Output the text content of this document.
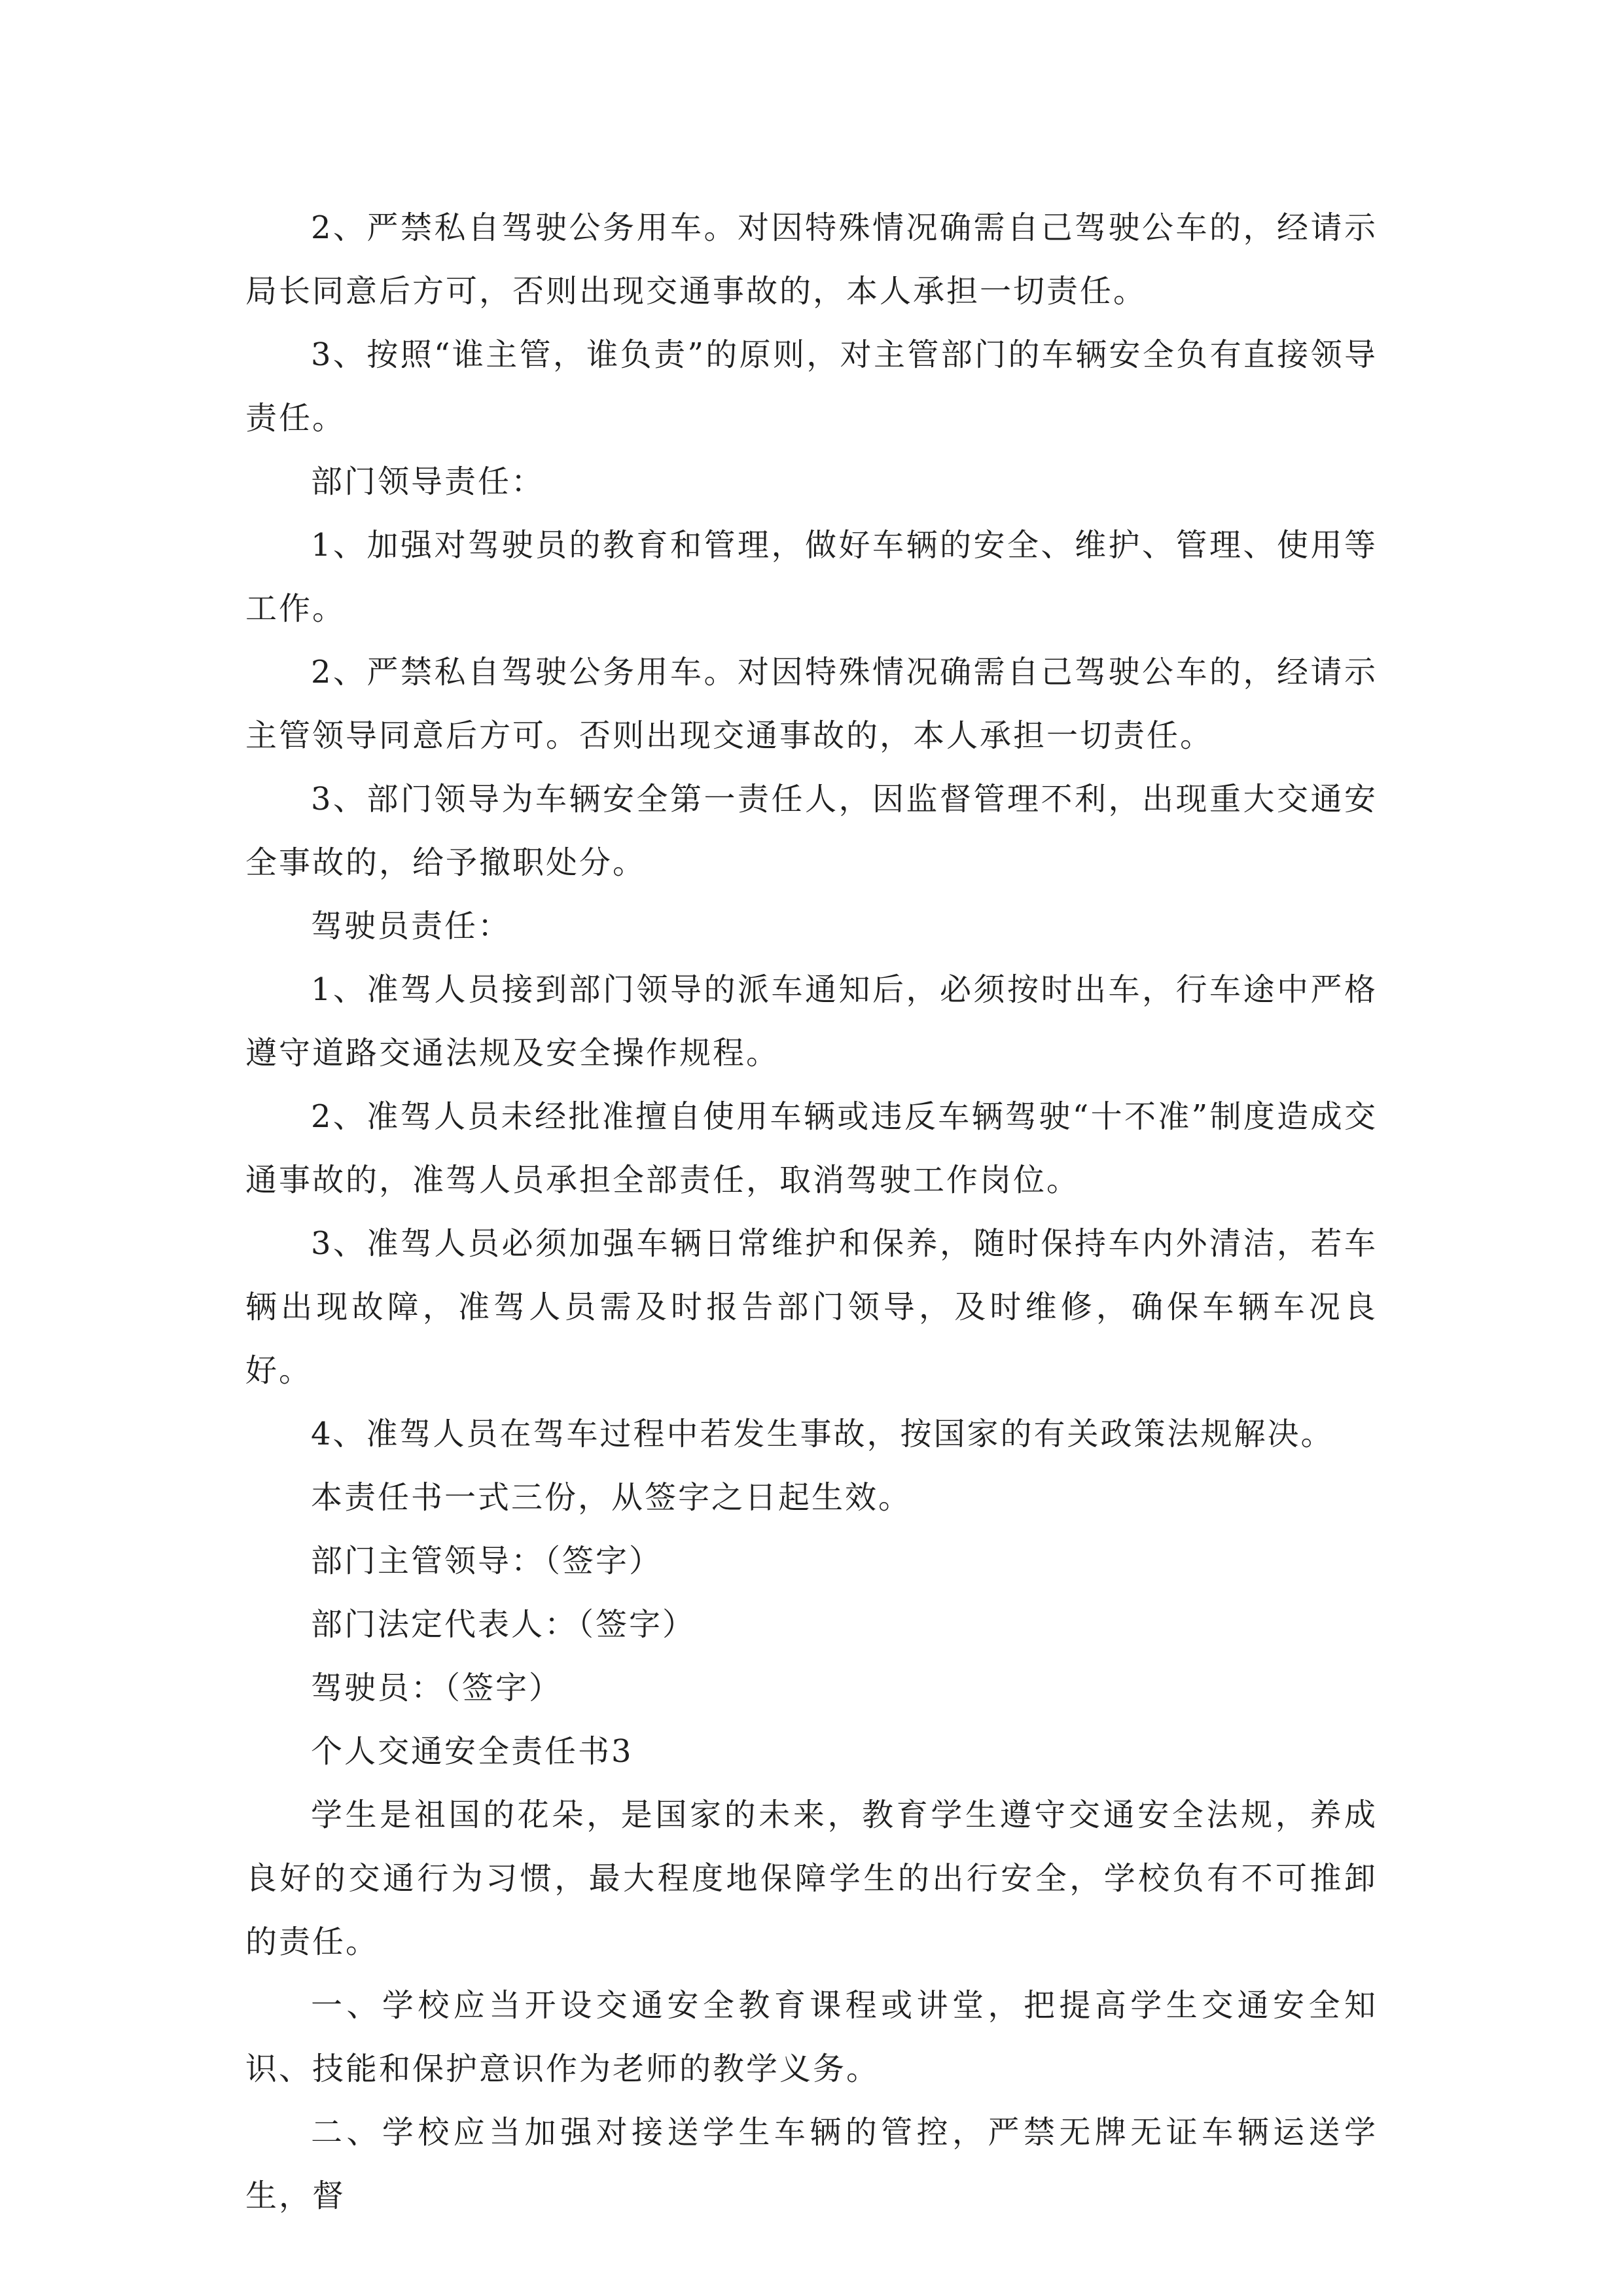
2、严禁私自驾驶公务用车。对因特殊情况确需自己驾驶公车的，经请示局长同意后方可，否则出现交通事故的，本人承担一切责任。

3、按照“谁主管，谁负责”的原则，对主管部门的车辆安全负有直接领导责任。

部门领导责任：

1、加强对驾驶员的教育和管理，做好车辆的安全、维护、管理、使用等工作。

2、严禁私自驾驶公务用车。对因特殊情况确需自己驾驶公车的，经请示主管领导同意后方可。否则出现交通事故的，本人承担一切责任。

3、部门领导为车辆安全第一责任人，因监督管理不利，出现重大交通安全事故的，给予撤职处分。

驾驶员责任：

1、准驾人员接到部门领导的派车通知后，必须按时出车，行车途中严格遵守道路交通法规及安全操作规程。

2、准驾人员未经批准擅自使用车辆或违反车辆驾驶“十不准”制度造成交通事故的，准驾人员承担全部责任，取消驾驶工作岗位。

3、准驾人员必须加强车辆日常维护和保养，随时保持车内外清洁，若车辆出现故障，准驾人员需及时报告部门领导，及时维修，确保车辆车况良好。

4、准驾人员在驾车过程中若发生事故，按国家的有关政策法规解决。

本责任书一式三份，从签字之日起生效。

部门主管领导：（签字）

部门法定代表人：（签字）

驾驶员：（签字）

个人交通安全责任书3

学生是祖国的花朵，是国家的未来，教育学生遵守交通安全法规，养成良好的交通行为习惯，最大程度地保障学生的出行安全，学校负有不可推卸的责任。

一、学校应当开设交通安全教育课程或讲堂，把提高学生交通安全知识、技能和保护意识作为老师的教学义务。

二、学校应当加强对接送学生车辆的管控，严禁无牌无证车辆运送学生，督
